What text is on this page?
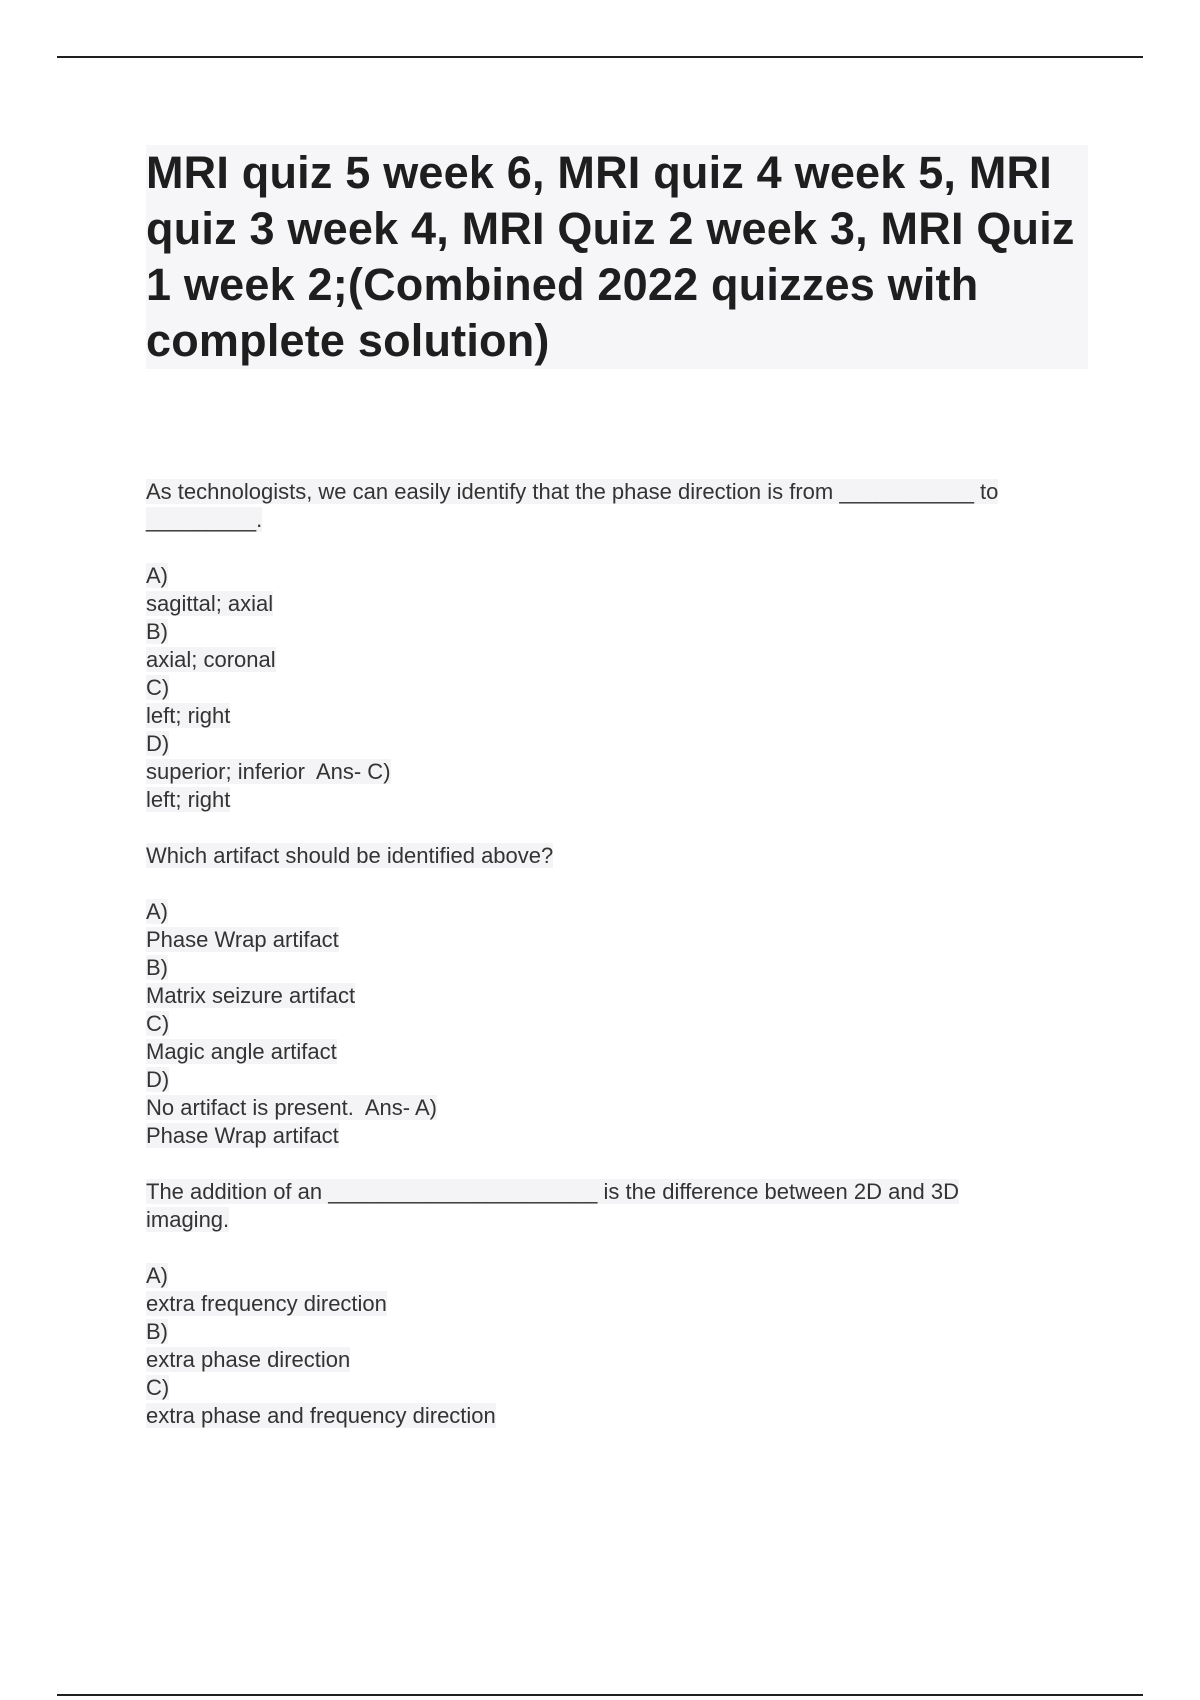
MRI quiz 5 week 6, MRI quiz 4 week 5, MRI quiz 3 week 4, MRI Quiz 2 week 3, MRI Quiz 1 week 2;(Combined 2022 quizzes with complete solution)
As technologists, we can easily identify that the phase direction is from ___________ to
_________.
A)
sagittal; axial
B)
axial; coronal
C)
left; right
D)
superior; inferior  Ans- C)
left; right
Which artifact should be identified above?
A)
Phase Wrap artifact
B)
Matrix seizure artifact
C)
Magic angle artifact
D)
No artifact is present.  Ans- A)
Phase Wrap artifact
The addition of an ______________________ is the difference between 2D and 3D
imaging.
A)
extra frequency direction
B)
extra phase direction
C)
extra phase and frequency direction
